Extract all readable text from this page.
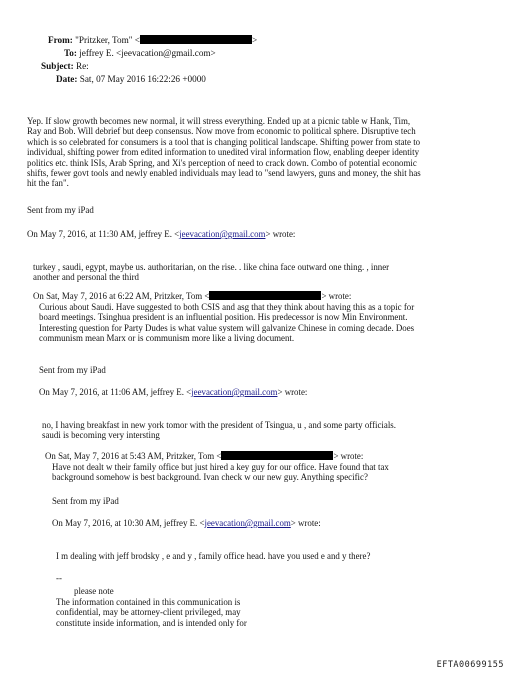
From: "Pritzker, Tom" <	>
To: jeffrey E. <jeevacation@gmail.com>
Subject: Re:
Date: Sat, 07 May 2016 16:22:26 +0000
Yep. If slow growth becomes new normal, it will stress everything. Ended up at a picnic table w Hank, Tim,
Ray and Bob. Will debrief but deep consensus. Now move from economic to political sphere. Disruptive tech
which is so celebrated for consumers is a tool that is changing political landscape. Shifting power from state to
individual, shifting power from edited information to unedited viral information flow, enabling deeper identity
politics etc. think ISIs, Arab Spring, and Xi's perception of need to crack down. Combo of potential economic
shifts, fewer govt tools and newly enabled individuals may lead to "send lawyers, guns and money, the shit has
hit the fan".
Sent from my iPad
On May 7, 2016, at 11:30 AM, jeffrey E. <jeevacation@gmail.com> wrote:
turkey , saudi, egypt, maybe us. authoritarian, on the rise. . like china face outward one thing. , inner
another and personal the third
On Sat, May 7, 2016 at 6:22 AM, Pritzker, Tom <	> wrote:
Curious about Saudi. Have suggested to both CSIS and asg that they think about having this as a topic for
board meetings. Tsinghua president is an influential position. His predecessor is now Min Environment.
Interesting question for Party Dudes is what value system will galvanize Chinese in coming decade. Does
communism mean Marx or is communism more like a living document.
Sent from my iPad
On May 7, 2016, at 11:06 AM, jeffrey E. <jeevacation@gmail.com> wrote:
no, I having breakfast in new york tomor with the president of Tsingua, u , and some party officials.
saudi is becoming very intersting
On Sat, May 7, 2016 at 5:43 AM, Pritzker, Tom <	> wrote:
Have not dealt w their family office but just hired a key guy for our office. Have found that tax
background somehow is best background. Ivan check w our new guy. Anything specific?
Sent from my iPad
On May 7, 2016, at 10:30 AM, jeffrey E. <jeevacation@gmail.com> wrote:
I m dealing with jeff brodsky , e and y , family office head. have you used e and y there?
--
please note
The information contained in this communication is
confidential, may be attorney-client privileged, may
constitute inside information, and is intended only for
EFTA00699155
